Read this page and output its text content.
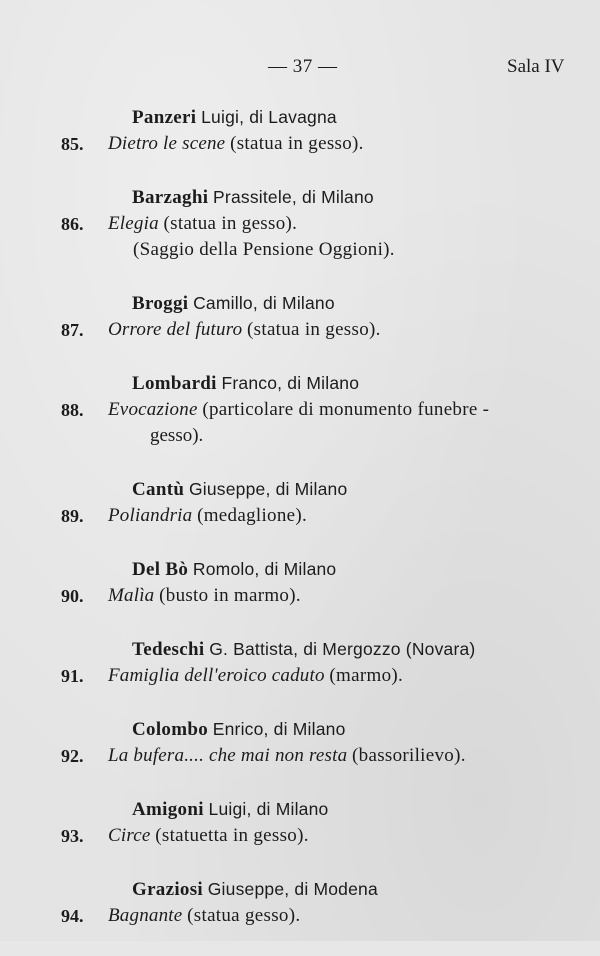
— 37 —	Sala IV
Panzeri Luigi, di Lavagna
85. Dietro le scene (statua in gesso).
Barzaghi Prassitele, di Milano
86. Elegia (statua in gesso).
(Saggio della Pensione Oggioni).
Broggi Camillo, di Milano
87. Orrore del futuro (statua in gesso).
Lombardi Franco, di Milano
88. Evocazione (particolare di monumento funebre -
gesso).
Cantù Giuseppe, di Milano
89. Poliandria (medaglione).
Del Bò Romolo, di Milano
90. Malìa (busto in marmo).
Tedeschi G. Battista, di Mergozzo (Novara)
91. Famiglia dell'eroico caduto (marmo).
Colombo Enrico, di Milano
92. La bufera.... che mai non resta (bassorilievo).
Amigoni Luigi, di Milano
93. Circe (statuetta in gesso).
Graziosi Giuseppe, di Modena
94. Bagnante (statua gesso).
